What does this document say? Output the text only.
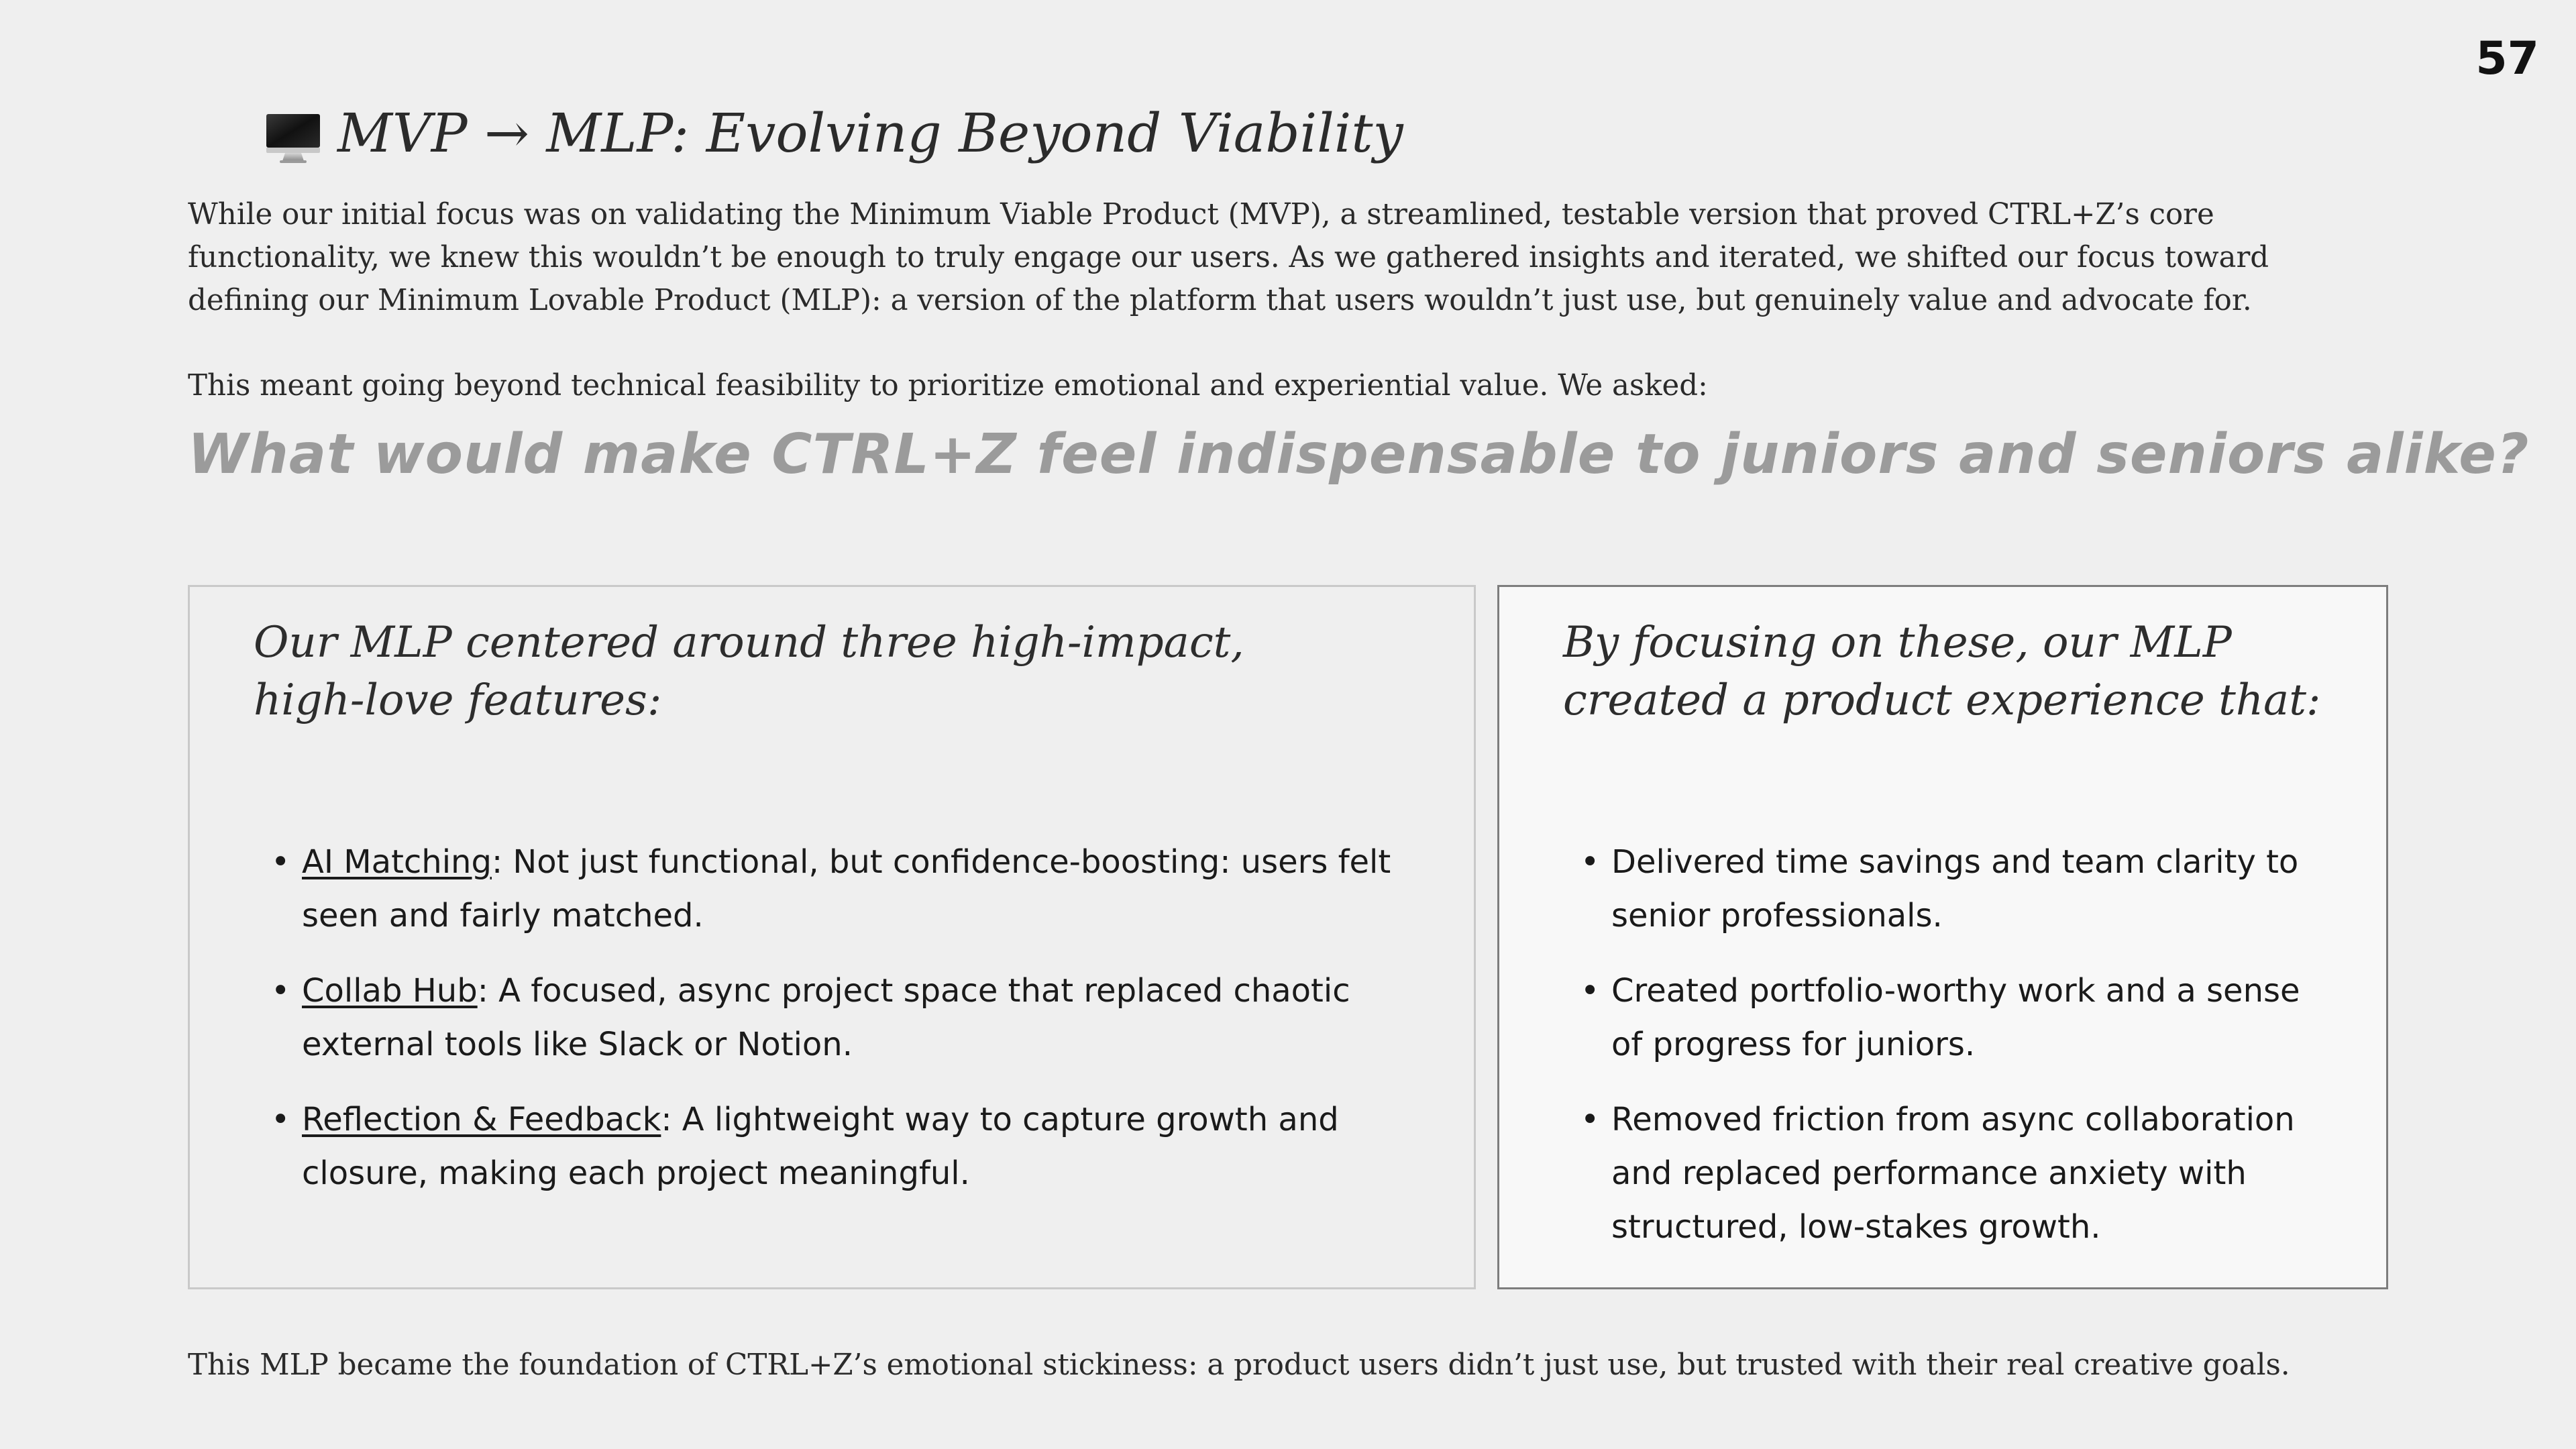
57
MVP → MLP: Evolving Beyond Viability

While our initial focus was on validating the Minimum Viable Product (MVP), a streamlined, testable version that proved CTRL+Z’s core functionality, we knew this wouldn’t be enough to truly engage our users. As we gathered insights and iterated, we shifted our focus toward defining our Minimum Lovable Product (MLP): a version of the platform that users wouldn’t just use, but genuinely value and advocate for.

This meant going beyond technical feasibility to prioritize emotional and experiential value. We asked:

What would make CTRL+Z feel indispensable to juniors and seniors alike?
Our MLP centered around three high-impact, high-love features:
• AI Matching: Not just functional, but confidence-boosting: users felt seen and fairly matched.
• Collab Hub: A focused, async project space that replaced chaotic external tools like Slack or Notion.
• Reflection & Feedback: A lightweight way to capture growth and closure, making each project meaningful.
By focusing on these, our MLP created a product experience that:
• Delivered time savings and team clarity to senior professionals.
• Created portfolio-worthy work and a sense of progress for juniors.
• Removed friction from async collaboration and replaced performance anxiety with structured, low-stakes growth.

This MLP became the foundation of CTRL+Z’s emotional stickiness: a product users didn’t just use, but trusted with their real creative goals.
